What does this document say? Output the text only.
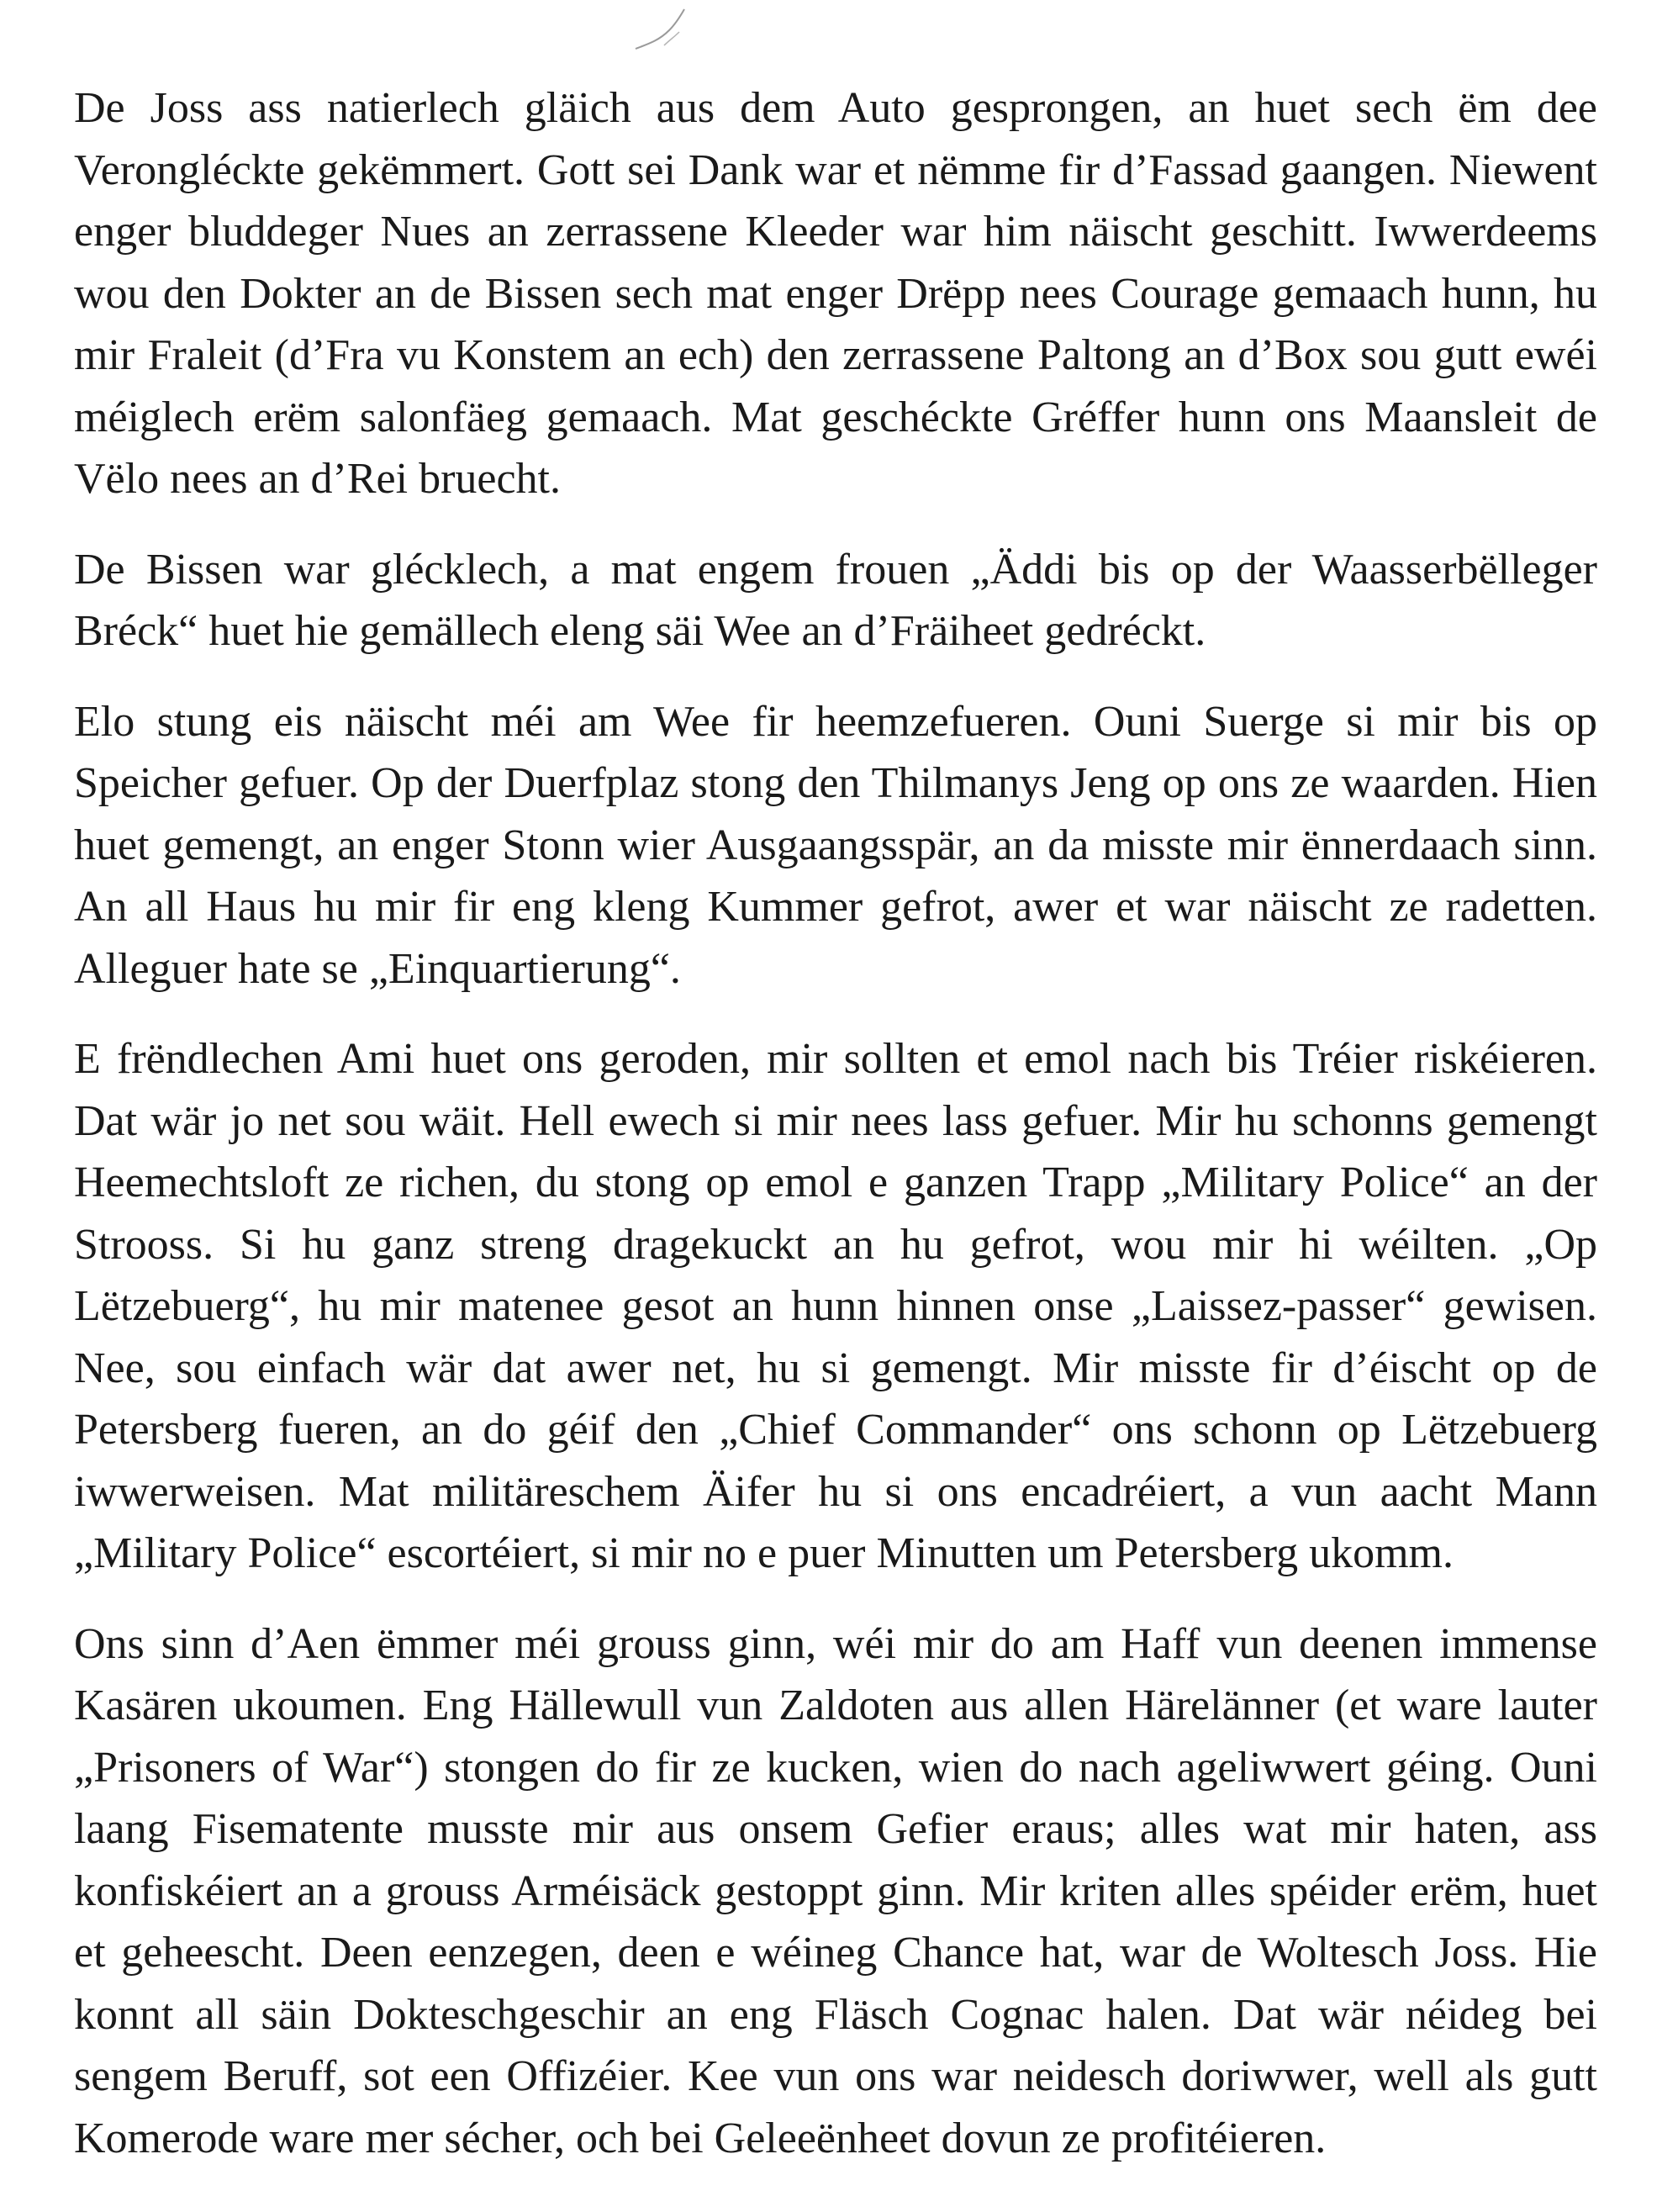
De Joss ass natierlech gläich aus dem Auto gesprongen, an huet sech ëm dee Verongléckte gekëmmert. Gott sei Dank war et nëmme fir d’Fassad gaangen. Niewent enger bluddeger Nues an zerrassene Kleeder war him näischt geschitt. Iwwerdeems wou den Dokter an de Bissen sech mat enger Drëpp nees Courage gemaach hunn, hu mir Fraleit (d’Fra vu Konstem an ech) den zerrassene Paltong an d’Box sou gutt ewéi méiglech erëm salonfäeg gemaach. Mat geschéckte Gréffer hunn ons Maansleit de Vëlo nees an d’Rei bruecht.

De Bissen war glécklech, a mat engem frouen „Äddi bis op der Waasserbëlleger Bréck“ huet hie gemällech eleng säi Wee an d’Fräiheet gedréckt.

Elo stung eis näischt méi am Wee fir heemzefueren. Ouni Suerge si mir bis op Speicher gefuer. Op der Duerfplaz stong den Thilmanys Jeng op ons ze waarden. Hien huet gemengt, an enger Stonn wier Ausgaangsspär, an da misste mir ënnerdaach sinn. An all Haus hu mir fir eng kleng Kummer gefrot, awer et war näischt ze radetten. Alleguer hate se „Einquartierung“.

E frëndlechen Ami huet ons geroden, mir sollten et emol nach bis Tréier riskéieren. Dat wär jo net sou wäit. Hell ewech si mir nees lass gefuer. Mir hu schonns gemengt Heemechtsloft ze richen, du stong op emol e ganzen Trapp „Military Police“ an der Strooss. Si hu ganz streng dragekuckt an hu gefrot, wou mir hi wéilten. „Op Lëtzebuerg“, hu mir matenee gesot an hunn hinnen onse „Laissez-passer“ gewisen. Nee, sou einfach wär dat awer net, hu si gemengt. Mir misste fir d’éischt op de Petersberg fueren, an do géif den „Chief Commander“ ons schonn op Lëtzebuerg iwwerweisen. Mat militäreschem Äifer hu si ons encadréiert, a vun aacht Mann „Military Police“ escortéiert, si mir no e puer Minutten um Petersberg ukomm.

Ons sinn d’Aen ëmmer méi grouss ginn, wéi mir do am Haff vun deenen immense Kasären ukoumen. Eng Hällewull vun Zaldoten aus allen Härelänner (et ware lauter „Prisoners of War“) stongen do fir ze kucken, wien do nach ageliwwert géing. Ouni laang Fisematente musste mir aus onsem Gefier eraus; alles wat mir haten, ass konfiskéiert an a grouss Arméisäck gestoppt ginn. Mir kriten alles spéider erëm, huet et geheescht. Deen eenzegen, deen e wéineg Chance hat, war de Woltesch Joss. Hie konnt all säin Dokteschgeschir an eng Fläsch Cognac halen. Dat wär néideg bei sengem Beruff, sot een Offizéier. Kee vun ons war neidesch doriwwer, well als gutt Komerode ware mer sécher, och bei Geleeënheet dovun ze profitéieren.
